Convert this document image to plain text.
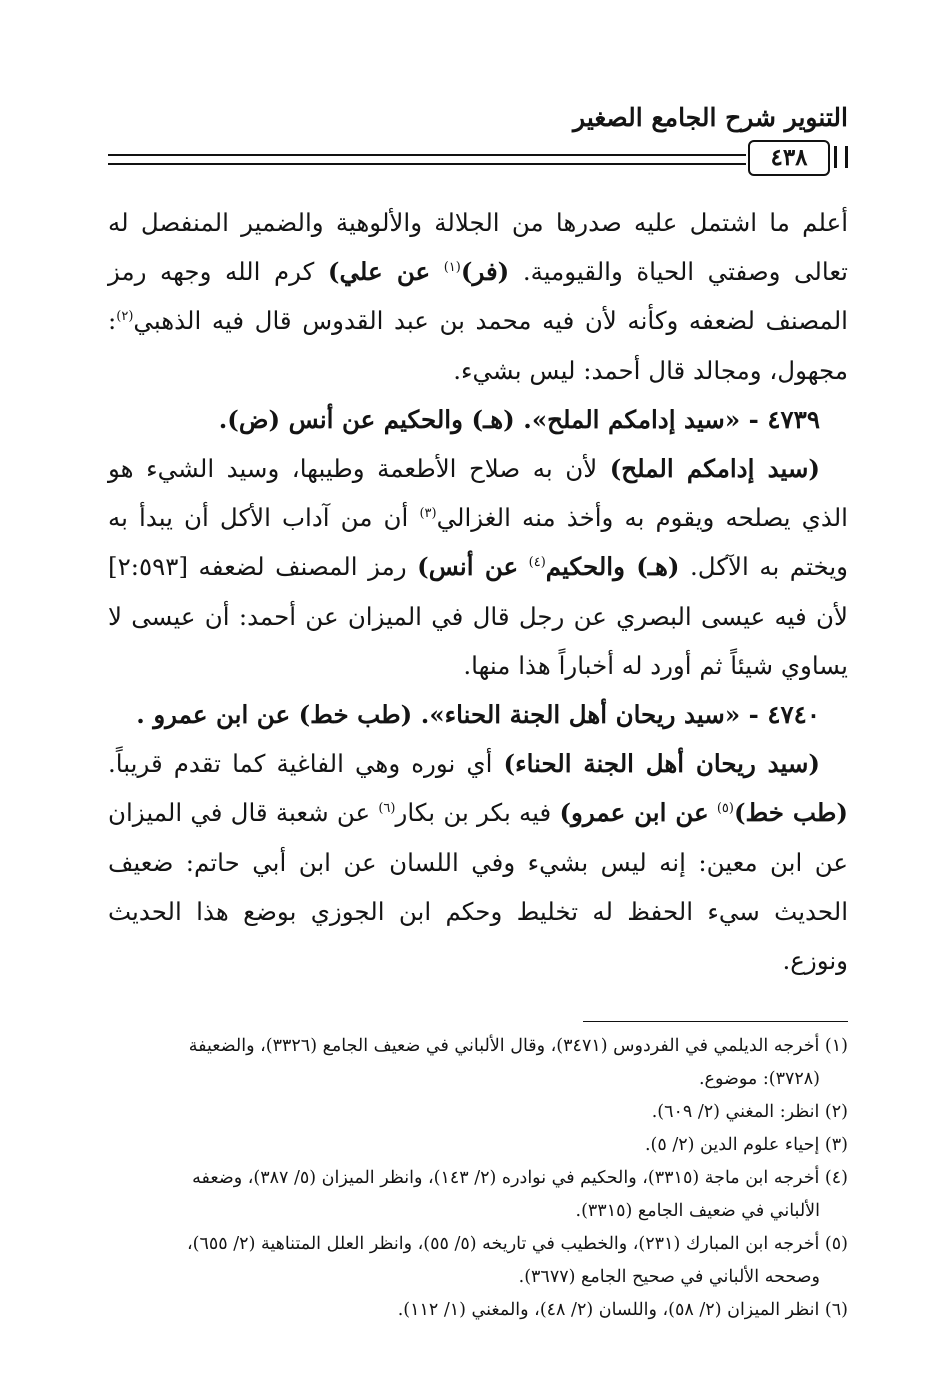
التنوير شرح الجامع الصغير
٤٣٨

أعلم ما اشتمل عليه صدرها من الجلالة والألوهية والضمير المنفصل له تعالى وصفتي الحياة والقيومية. (فر)$^{(١)}$ عن علي) كرم الله وجهه رمز المصنف لضعفه وكأنه لأن فيه محمد بن عبد القدوس قال فيه الذهبي$^{(٢)}$: مجهول، ومجالد قال أحمد: ليس بشيء.

٤٧٣٩ - «سيد إدامكم الملح». (هـ) والحكيم عن أنس (ض).

(سيد إدامكم الملح) لأن به صلاح الأطعمة وطيبها، وسيد الشيء هو الذي يصلحه ويقوم به وأخذ منه الغزالي$^{(٣)}$ أن من آداب الأكل أن يبدأ به ويختم به الآكل. (هـ) والحكيم$^{(٤)}$ عن أنس) رمز المصنف لضعفه [٢:٥٩٣] لأن فيه عيسى البصري عن رجل قال في الميزان عن أحمد: أن عيسى لا يساوي شيئاً ثم أورد له أخباراً هذا منها.

٤٧٤٠ - «سيد ريحان أهل الجنة الحناء». (طب خط) عن ابن عمرو .

(سيد ريحان أهل الجنة الحناء) أي نوره وهي الفاغية كما تقدم قريباً. (طب خط)$^{(٥)}$ عن ابن عمرو) فيه بكر بن بكار$^{(٦)}$ عن شعبة قال في الميزان عن ابن معين: إنه ليس بشيء وفي اللسان عن ابن أبي حاتم: ضعيف الحديث سيء الحفظ له تخليط وحكم ابن الجوزي بوضع هذا الحديث ونوزع.

(١) أخرجه الديلمي في الفردوس (٣٤٧١)، وقال الألباني في ضعيف الجامع (٣٣٢٦)، والضعيفة

(٣٧٢٨): موضوع.

(٢) انظر: المغني (٢/ ٦٠٩).

(٣) إحياء علوم الدين (٢/ ٥).

(٤) أخرجه ابن ماجة (٣٣١٥)، والحكيم في نوادره (٢/ ١٤٣)، وانظر الميزان (٥/ ٣٨٧)، وضعفه

الألباني في ضعيف الجامع (٣٣١٥).

(٥) أخرجه ابن المبارك (٢٣١)، والخطيب في تاريخه (٥/ ٥٥)، وانظر العلل المتناهية (٢/ ٦٥٥)،

وصححه الألباني في صحيح الجامع (٣٦٧٧).

(٦) انظر الميزان (٢/ ٥٨)، واللسان (٢/ ٤٨)، والمغني (١/ ١١٢).
